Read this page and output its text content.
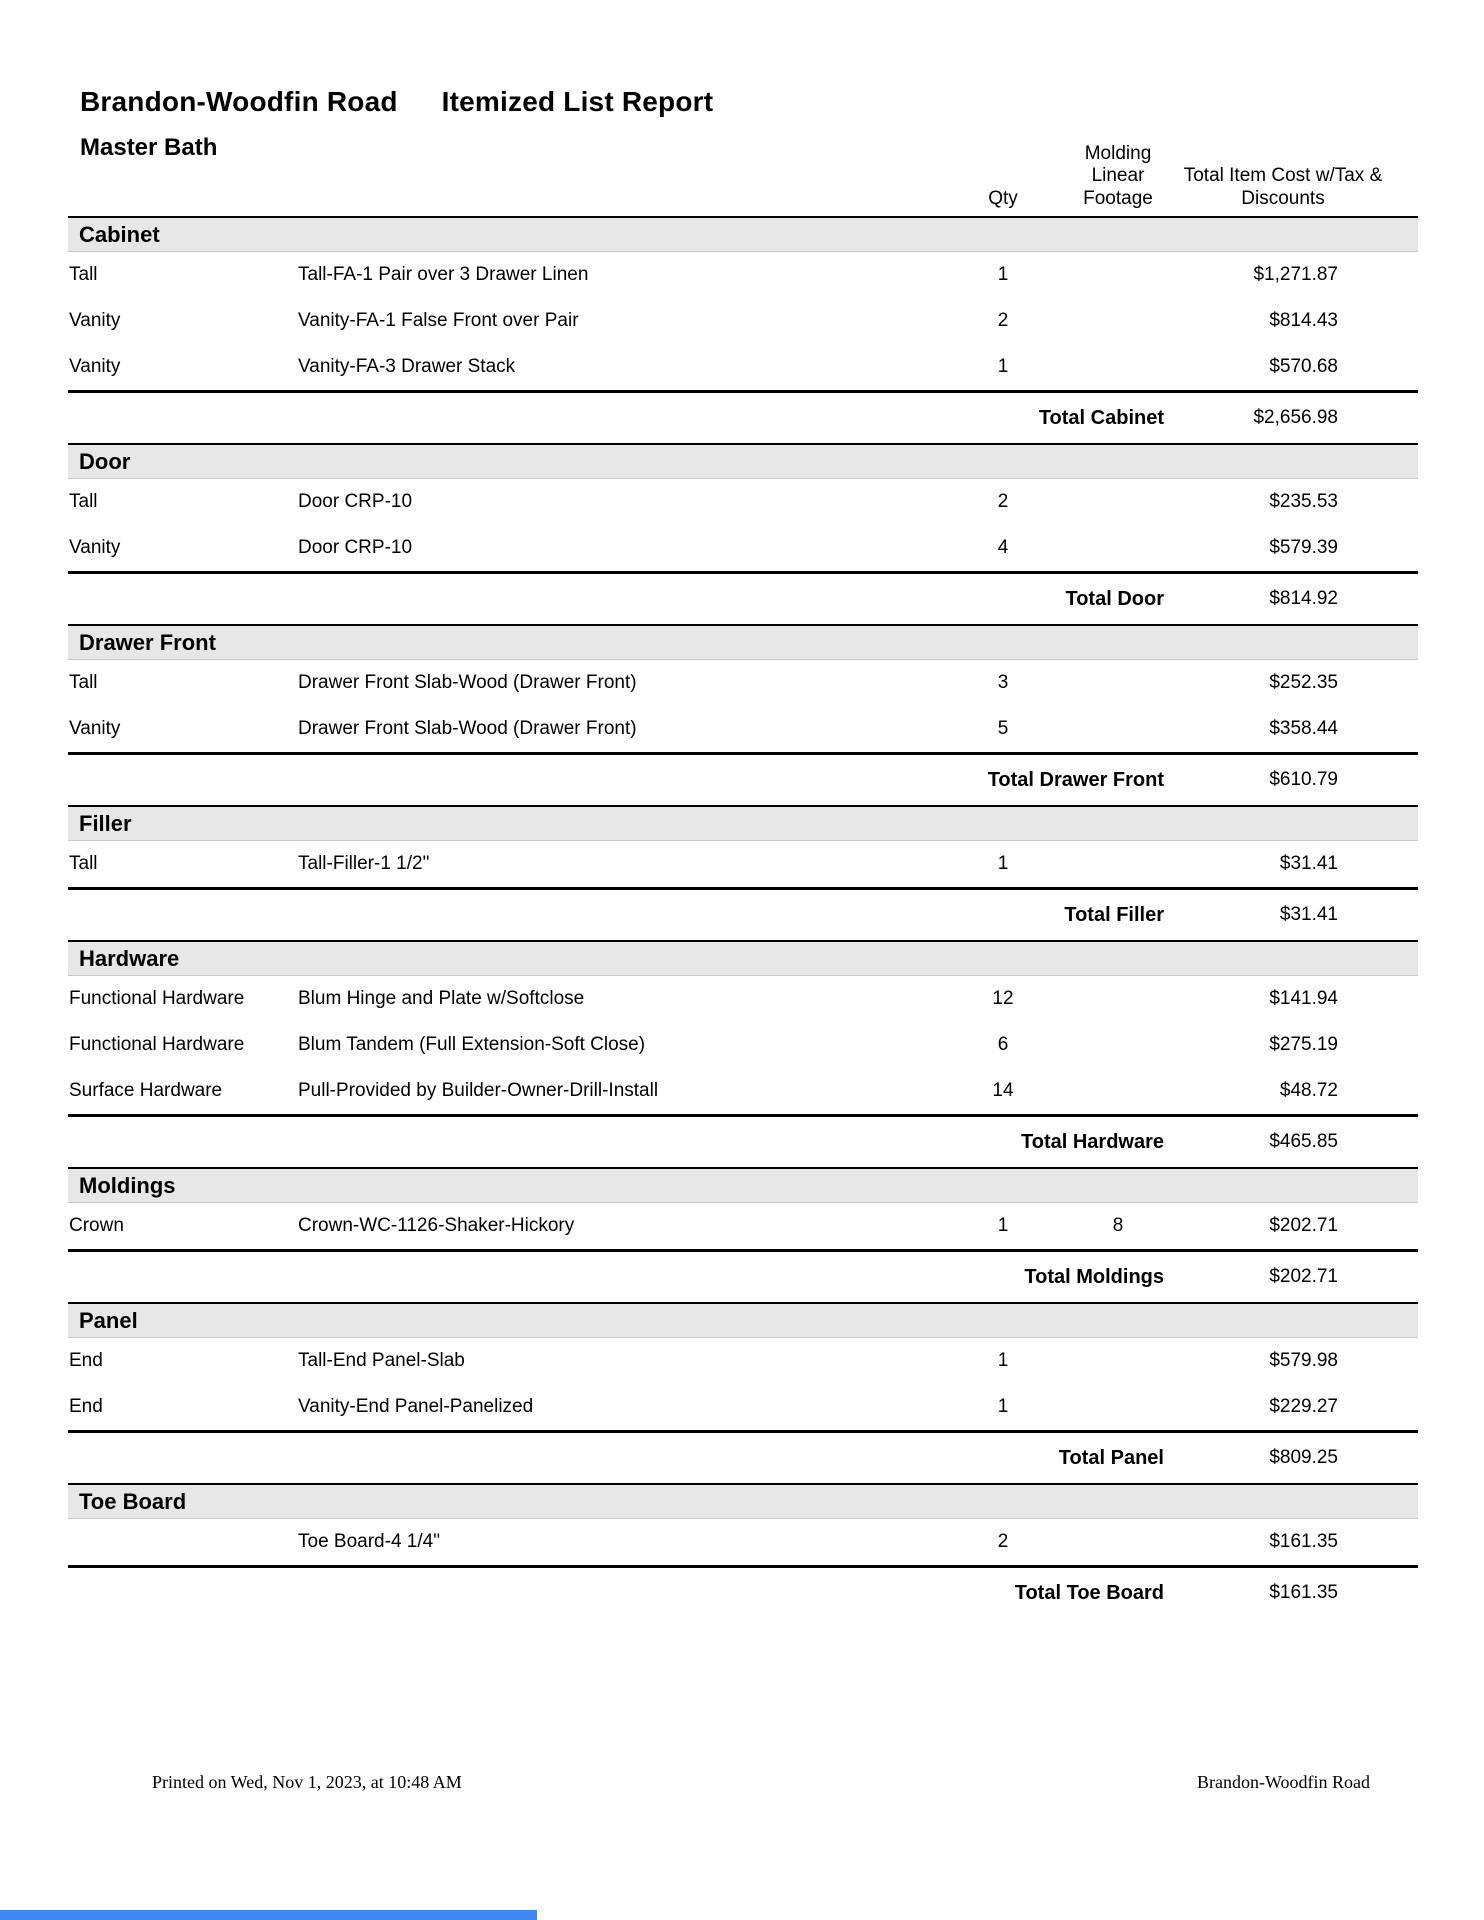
Brandon-Woodfin Road Itemized List Report
Master Bath
Qty
Molding Linear Footage
Total Item Cost w/Tax & Discounts
Cabinet
Tall	Tall-FA-1 Pair over 3 Drawer Linen	1	$1,271.87
Vanity	Vanity-FA-1 False Front over Pair	2	$814.43
Vanity	Vanity-FA-3 Drawer Stack	1	$570.68
Total Cabinet	$2,656.98
Door
Tall	Door CRP-10	2	$235.53
Vanity	Door CRP-10	4	$579.39
Total Door	$814.92
Drawer Front
Tall	Drawer Front Slab-Wood (Drawer Front)	3	$252.35
Vanity	Drawer Front Slab-Wood (Drawer Front)	5	$358.44
Total Drawer Front	$610.79
Filler
Tall	Tall-Filler-1 1/2"	1	$31.41
Total Filler	$31.41
Hardware
Functional Hardware	Blum Hinge and Plate w/Softclose	12	$141.94
Functional Hardware	Blum Tandem (Full Extension-Soft Close)	6	$275.19
Surface Hardware	Pull-Provided by Builder-Owner-Drill-Install	14	$48.72
Total Hardware	$465.85
Moldings
Crown	Crown-WC-1126-Shaker-Hickory	1	8	$202.71
Total Moldings	$202.71
Panel
End	Tall-End Panel-Slab	1	$579.98
End	Vanity-End Panel-Panelized	1	$229.27
Total Panel	$809.25
Toe Board
Toe Board-4 1/4"	2	$161.35
Total Toe Board	$161.35
Printed on Wed, Nov 1, 2023, at 10:48 AM	Brandon-Woodfin Road
